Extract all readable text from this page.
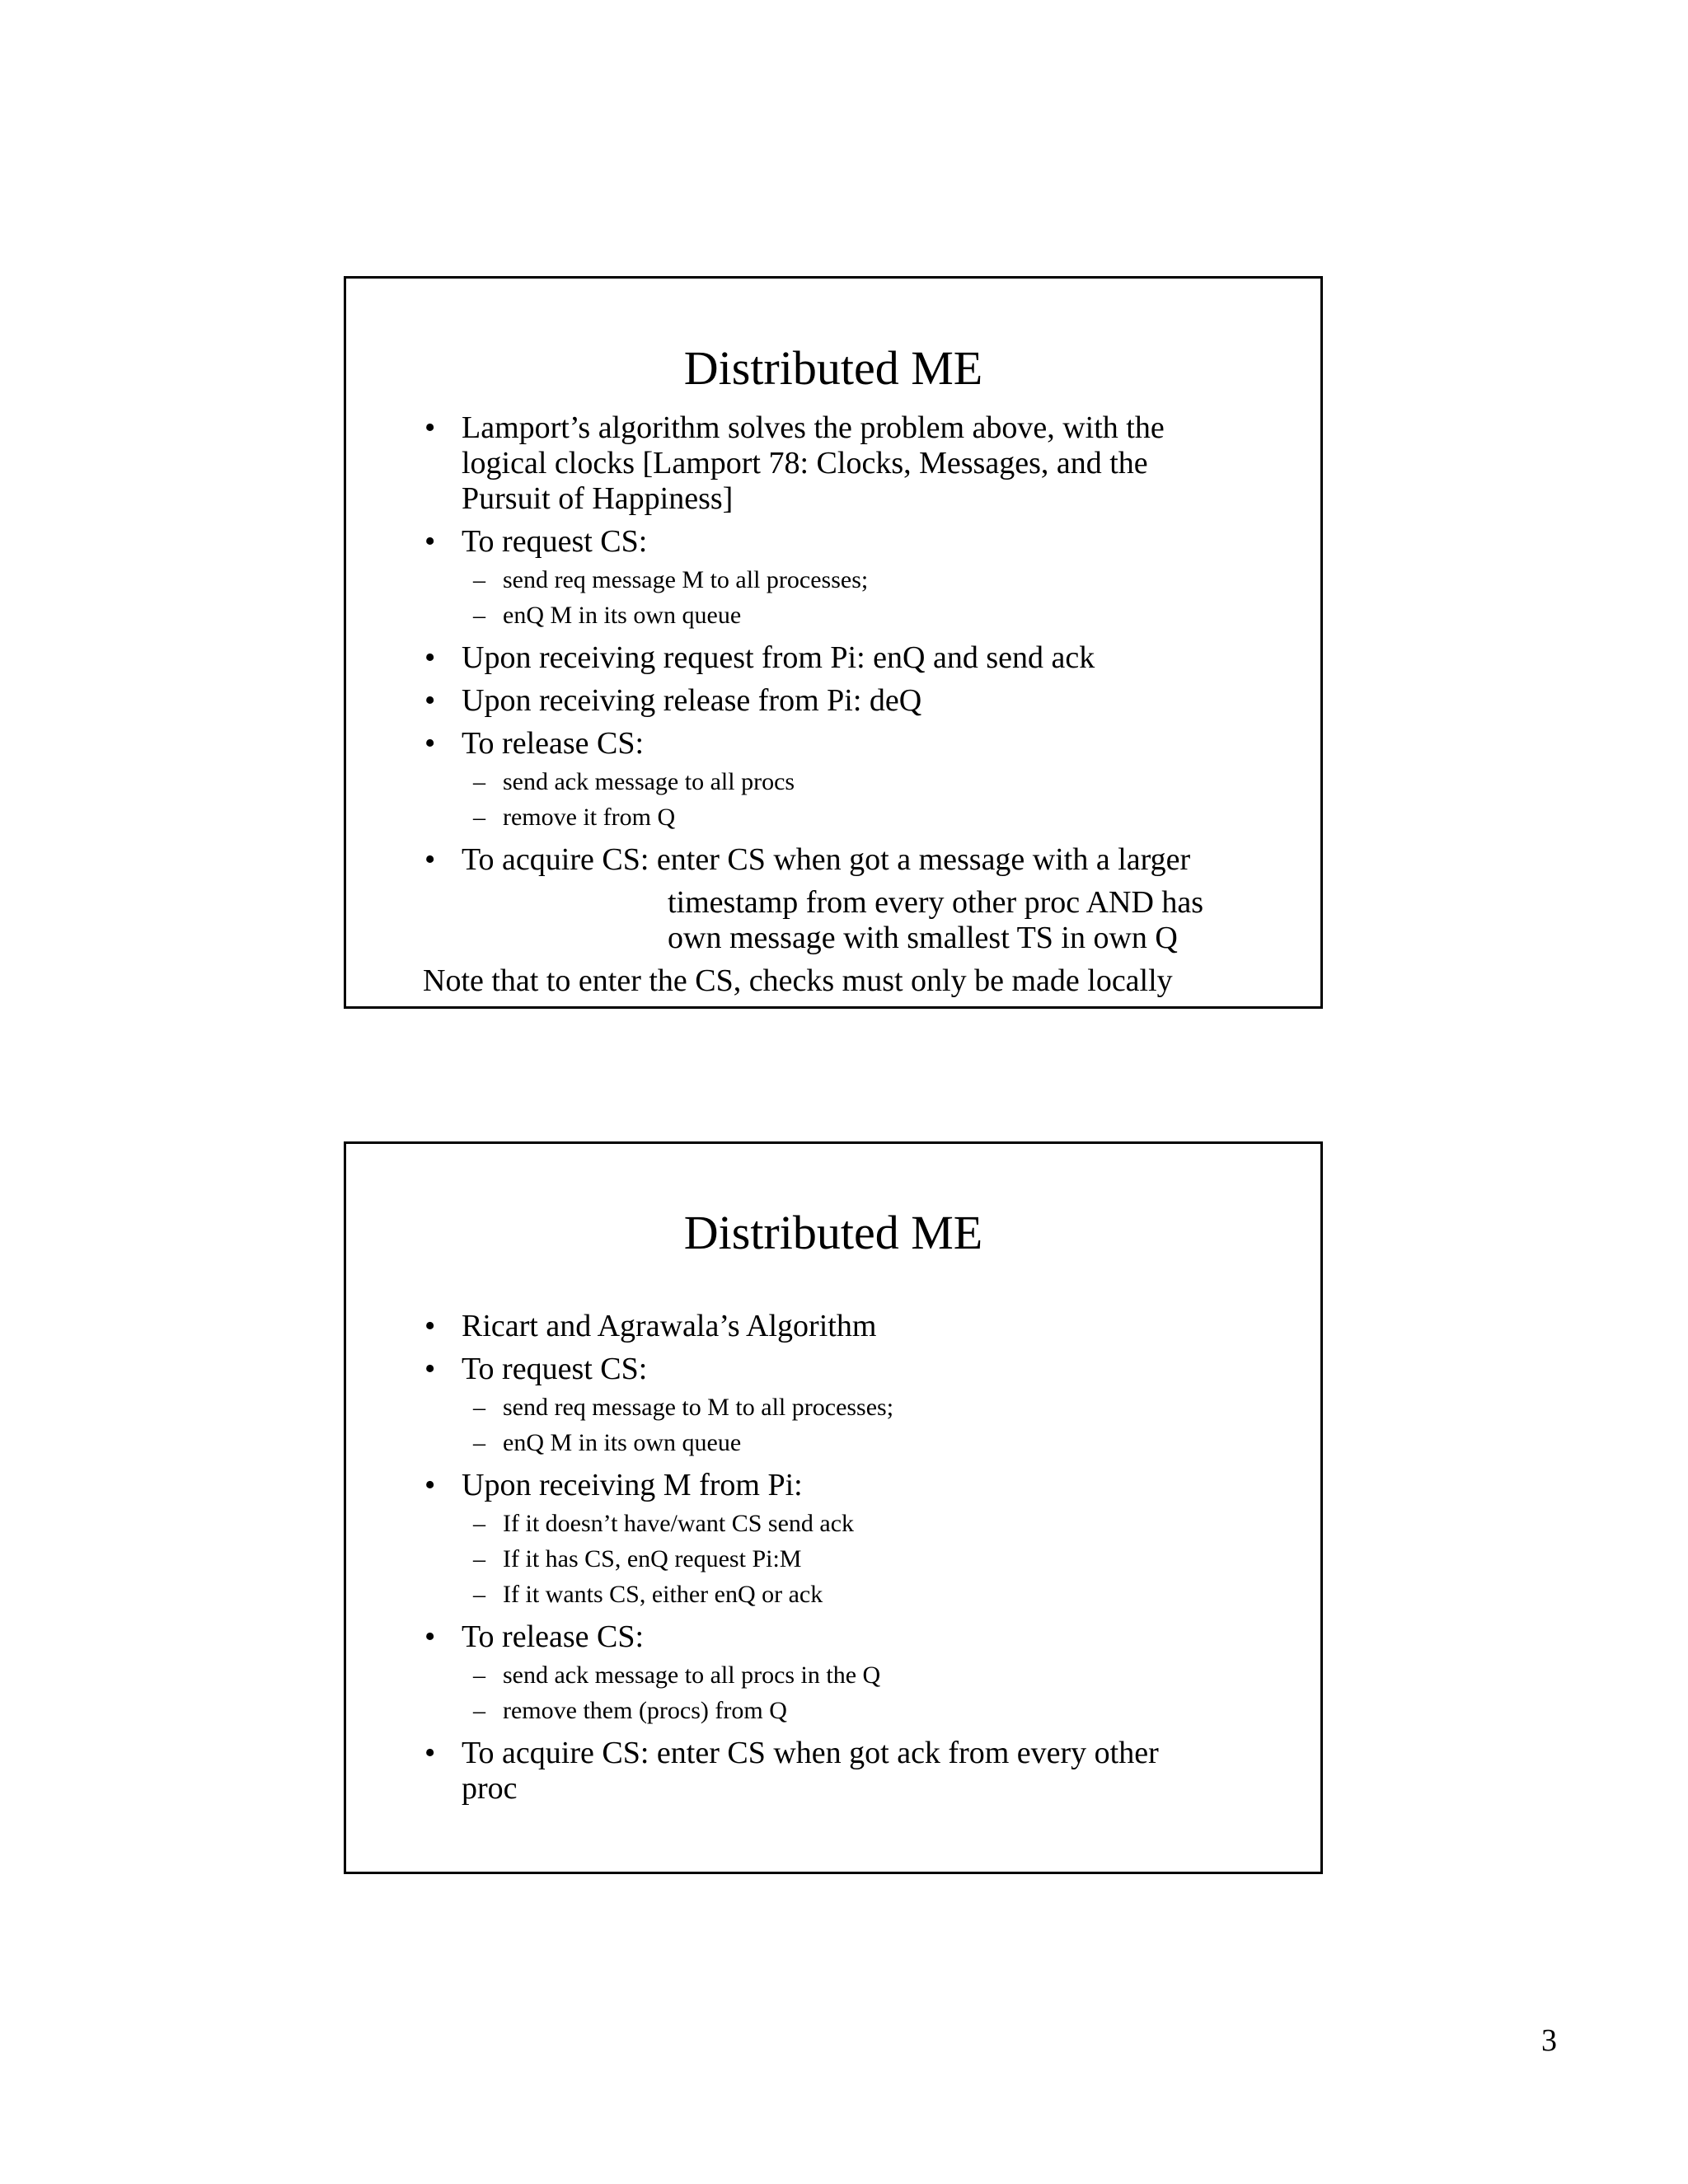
Distributed ME
• Lamport’s algorithm solves the problem above, with the
logical clocks [Lamport 78: Clocks, Messages, and the
Pursuit of Happiness]
• To request CS:
– send req message M to all processes;
– enQ M in its own queue
• Upon receiving request from Pi: enQ and send ack
• Upon receiving release from Pi: deQ
• To release CS:
– send ack message to all procs
– remove it from Q
• To acquire CS: enter CS when got a message with a larger
timestamp from every other proc AND has
own message with smallest TS in own Q
Note that to enter the CS, checks must only be made locally
Distributed ME
• Ricart and Agrawala’s Algorithm
• To request CS:
– send req message to M to all processes;
– enQ M in its own queue
• Upon receiving M from Pi:
– If it doesn’t have/want CS send ack
– If it has CS, enQ request Pi:M
– If it wants CS, either enQ or ack
• To release CS:
– send ack message to all procs in the Q
– remove them (procs) from Q
• To acquire CS: enter CS when got ack from every other
proc
3
